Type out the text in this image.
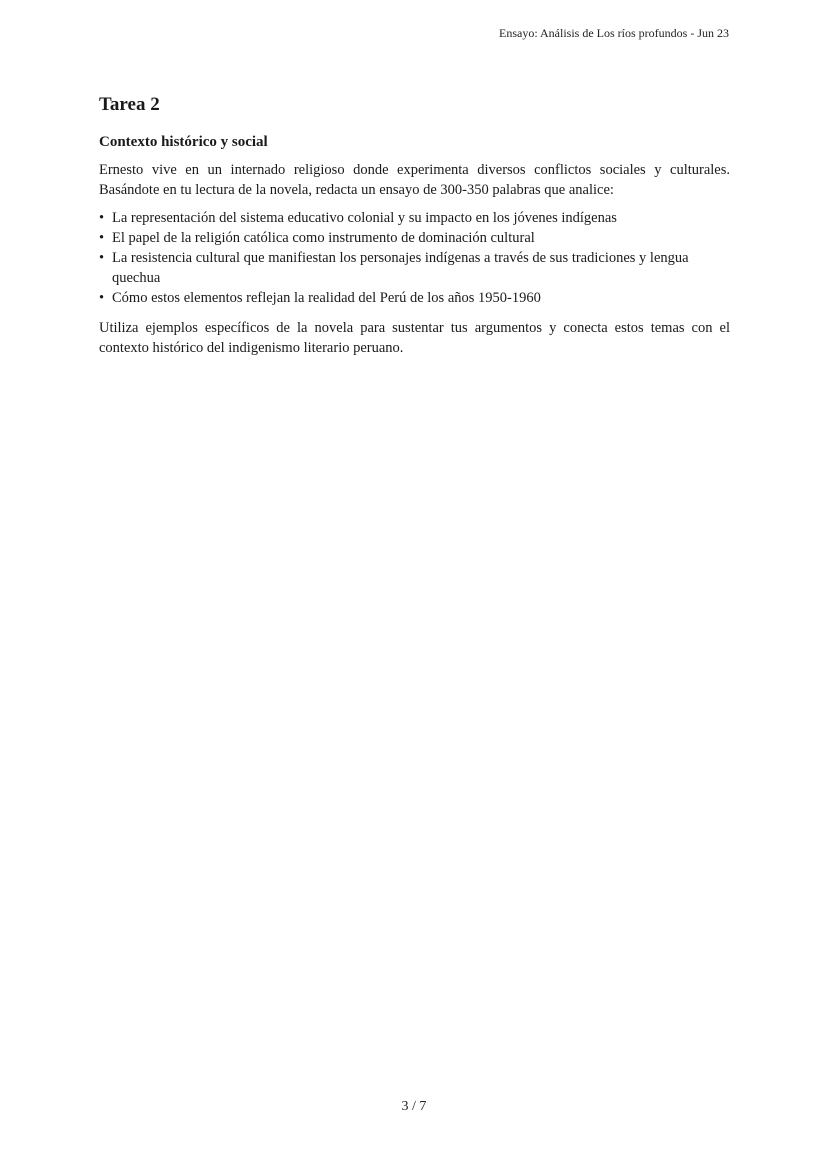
Ensayo: Análisis de Los ríos profundos - Jun 23
Tarea 2
Contexto histórico y social

Ernesto vive en un internado religioso donde experimenta diversos conflictos sociales y culturales. Basándote en tu lectura de la novela, redacta un ensayo de 300-350 palabras que analice:

• La representación del sistema educativo colonial y su impacto en los jóvenes indígenas
• El papel de la religión católica como instrumento de dominación cultural
• La resistencia cultural que manifiestan los personajes indígenas a través de sus tradiciones y lengua quechua
• Cómo estos elementos reflejan la realidad del Perú de los años 1950-1960

Utiliza ejemplos específicos de la novela para sustentar tus argumentos y conecta estos temas con el contexto histórico del indigenismo literario peruano.

3 / 7
